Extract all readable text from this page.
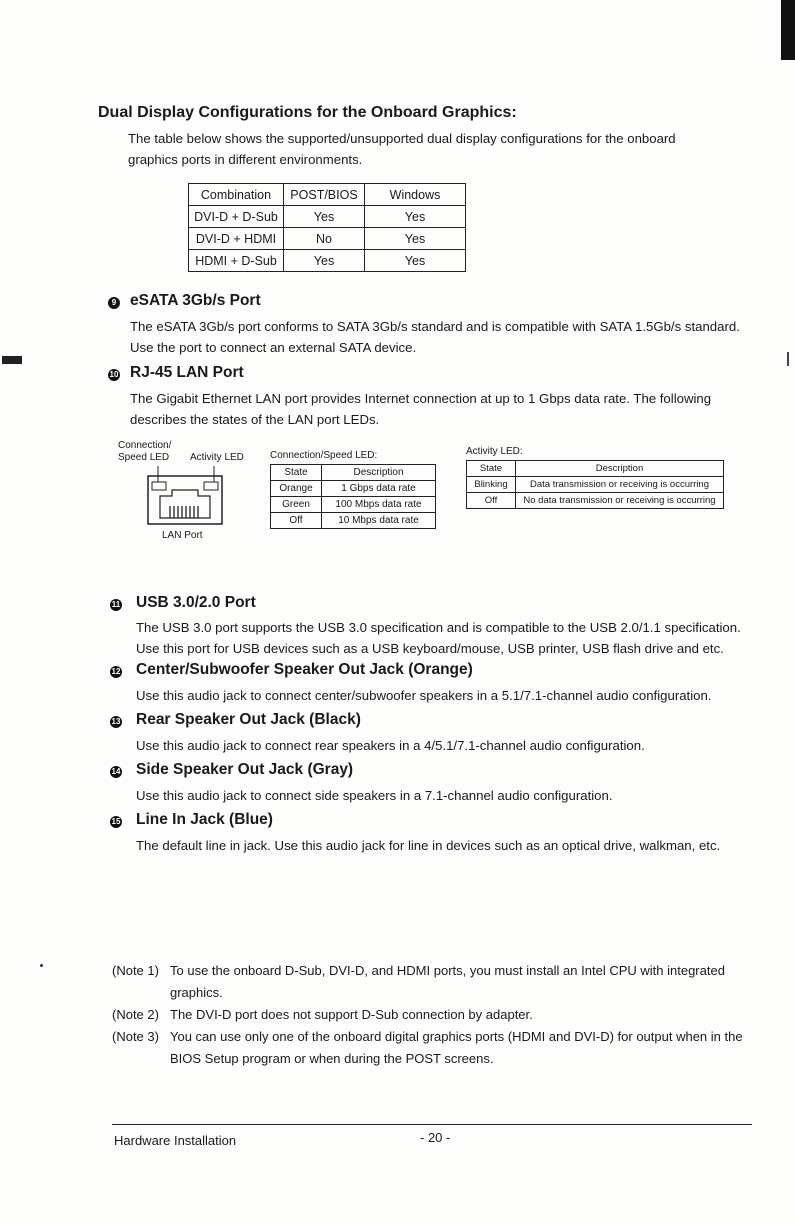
Dual Display Configurations for the Onboard Graphics:

The table below shows the supported/unsupported dual display configurations for the onboard graphics ports in different environments.

Combination	POST/BIOS	Windows
DVI-D + D-Sub	Yes	Yes
DVI-D + HDMI	No	Yes
HDMI + D-Sub	Yes	Yes
9 eSATA 3Gb/s Port

The eSATA 3Gb/s port conforms to SATA 3Gb/s standard and is compatible with SATA 1.5Gb/s standard. Use the port to connect an external SATA device.

10 RJ-45 LAN Port

The Gigabit Ethernet LAN port provides Internet connection at up to 1 Gbps data rate. The following describes the states of the LAN port LEDs.

Connection/ Speed LED	Activity LED
LAN Port
Connection/Speed LED:
State	Description
Orange	1 Gbps data rate
Green	100 Mbps data rate
Off	10 Mbps data rate
Activity LED:
State	Description
Blinking	Data transmission or receiving is occurring
Off	No data transmission or receiving is occurring
11 USB 3.0/2.0 Port

The USB 3.0 port supports the USB 3.0 specification and is compatible to the USB 2.0/1.1 specification. Use this port for USB devices such as a USB keyboard/mouse, USB printer, USB flash drive and etc.

12 Center/Subwoofer Speaker Out Jack (Orange)

Use this audio jack to connect center/subwoofer speakers in a 5.1/7.1-channel audio configuration.

13 Rear Speaker Out Jack (Black)

Use this audio jack to connect rear speakers in a 4/5.1/7.1-channel audio configuration.

14 Side Speaker Out Jack (Gray)

Use this audio jack to connect side speakers in a 7.1-channel audio configuration.

15 Line In Jack (Blue)

The default line in jack. Use this audio jack for line in devices such as an optical drive, walkman, etc.

(Note 1) To use the onboard D-Sub, DVI-D, and HDMI ports, you must install an Intel CPU with integrated graphics.
(Note 2) The DVI-D port does not support D-Sub connection by adapter.
(Note 3) You can use only one of the onboard digital graphics ports (HDMI and DVI-D) for output when in the BIOS Setup program or when during the POST screens.
Hardware Installation	- 20 -
